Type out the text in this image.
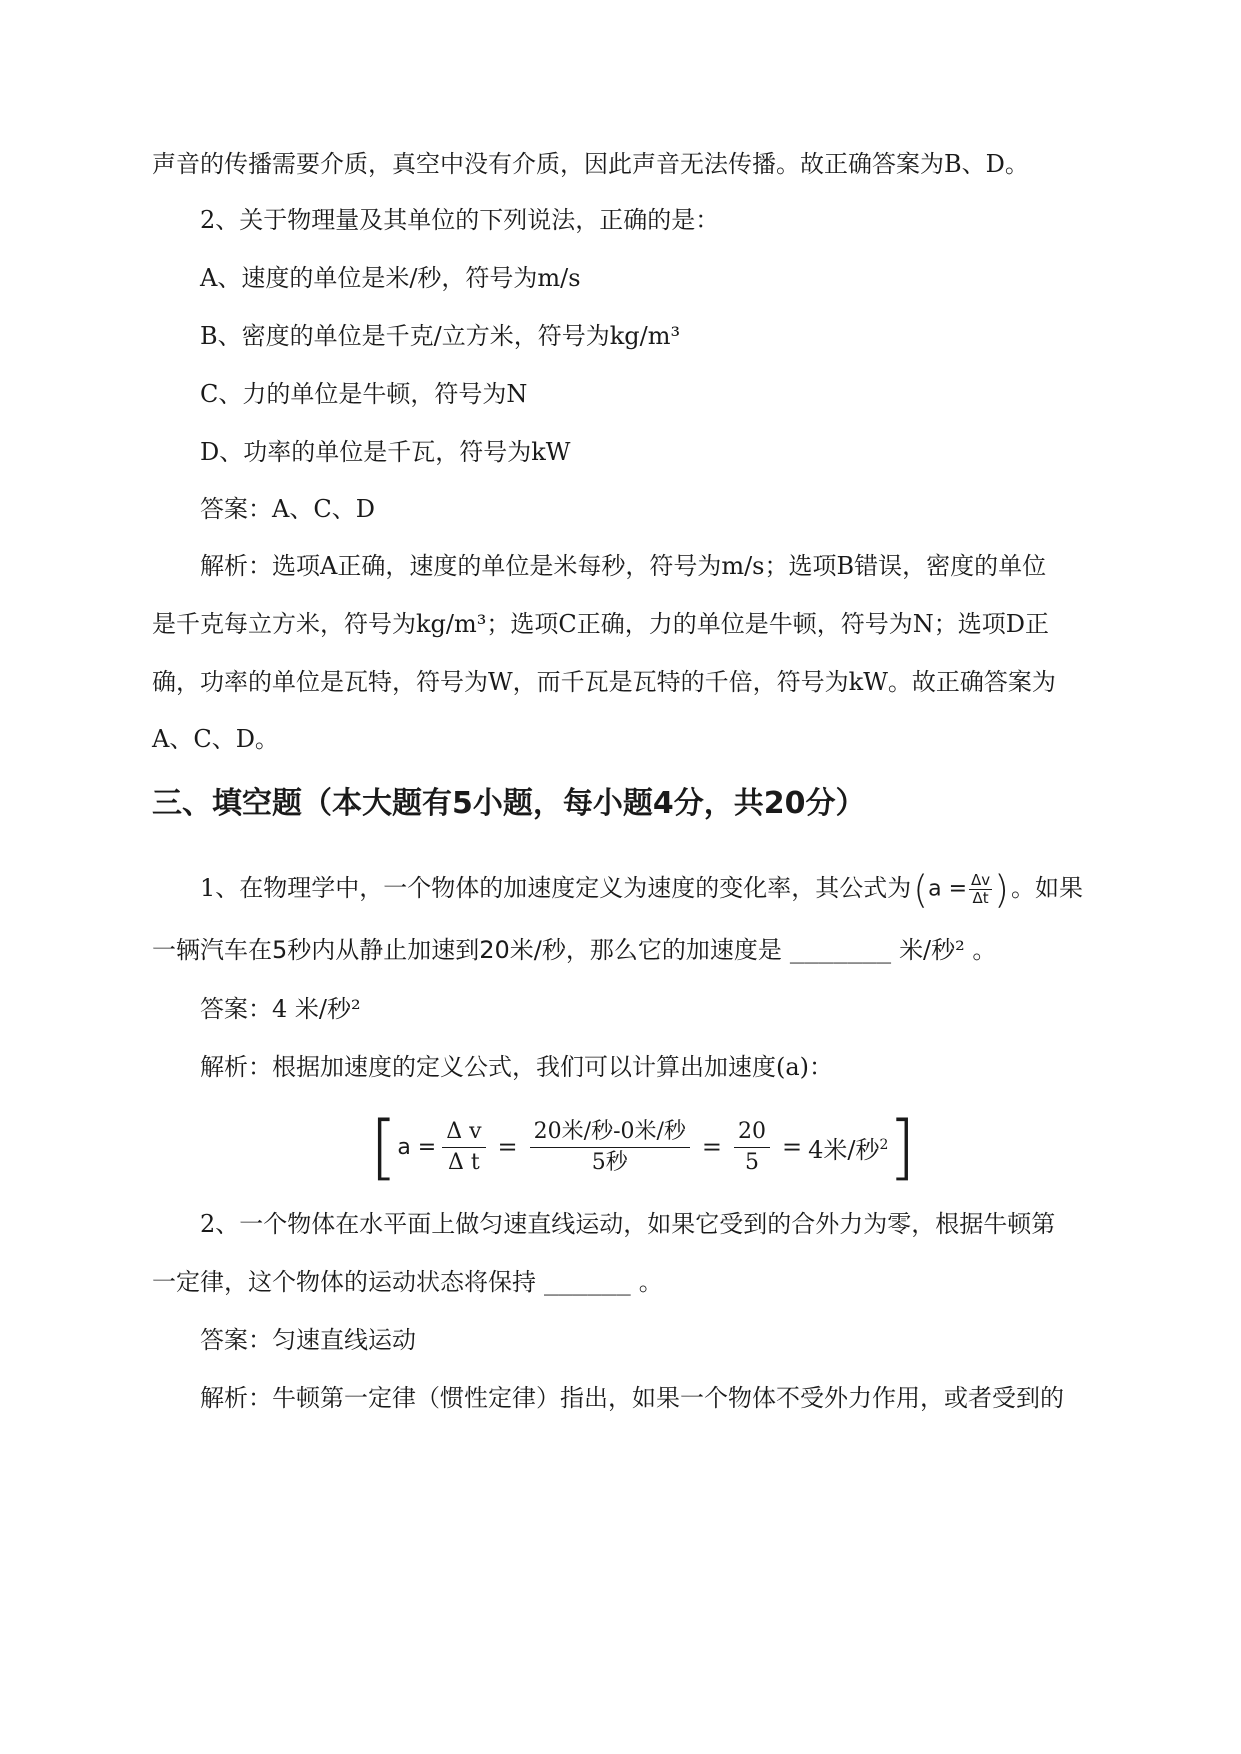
声音的传播需要介质，真空中没有介质，因此声音无法传播。故正确答案为B、D。
2、关于物理量及其单位的下列说法，正确的是：
A、速度的单位是米/秒，符号为m/s
B、密度的单位是千克/立方米，符号为kg/m³
C、力的单位是牛顿，符号为N
D、功率的单位是千瓦，符号为kW
答案：A、C、D
解析：选项A正确，速度的单位是米每秒，符号为m/s；选项B错误，密度的单位
是千克每立方米，符号为kg/m³；选项C正确，力的单位是牛顿，符号为N；选项D正
确，功率的单位是瓦特，符号为W，而千瓦是瓦特的千倍，符号为kW。故正确答案为
A、C、D。
三、填空题（本大题有5小题，每小题4分，共20分）
1、在物理学中，一个物体的加速度定义为速度的变化率，其公式为($a = \frac{\Delta v}{\Delta t}$ )。如果
一辆汽车在5秒内从静止加速到20米/秒，那么它的加速度是 _______ 米/秒² 。
答案：4 米/秒²
解析：根据加速度的定义公式，我们可以计算出加速度(a)：
[ $a = \frac{\text{Δ v}}{\text{Δ t}} = \frac{\text{20米/秒-0米/秒}}{\text{5秒}} = \frac{20}{5} = 4$米/秒$^2$ ]
2、一个物体在水平面上做匀速直线运动，如果它受到的合外力为零，根据牛顿第
一定律，这个物体的运动状态将保持 ______ 。
答案：匀速直线运动
解析：牛顿第一定律（惯性定律）指出，如果一个物体不受外力作用，或者受到的
